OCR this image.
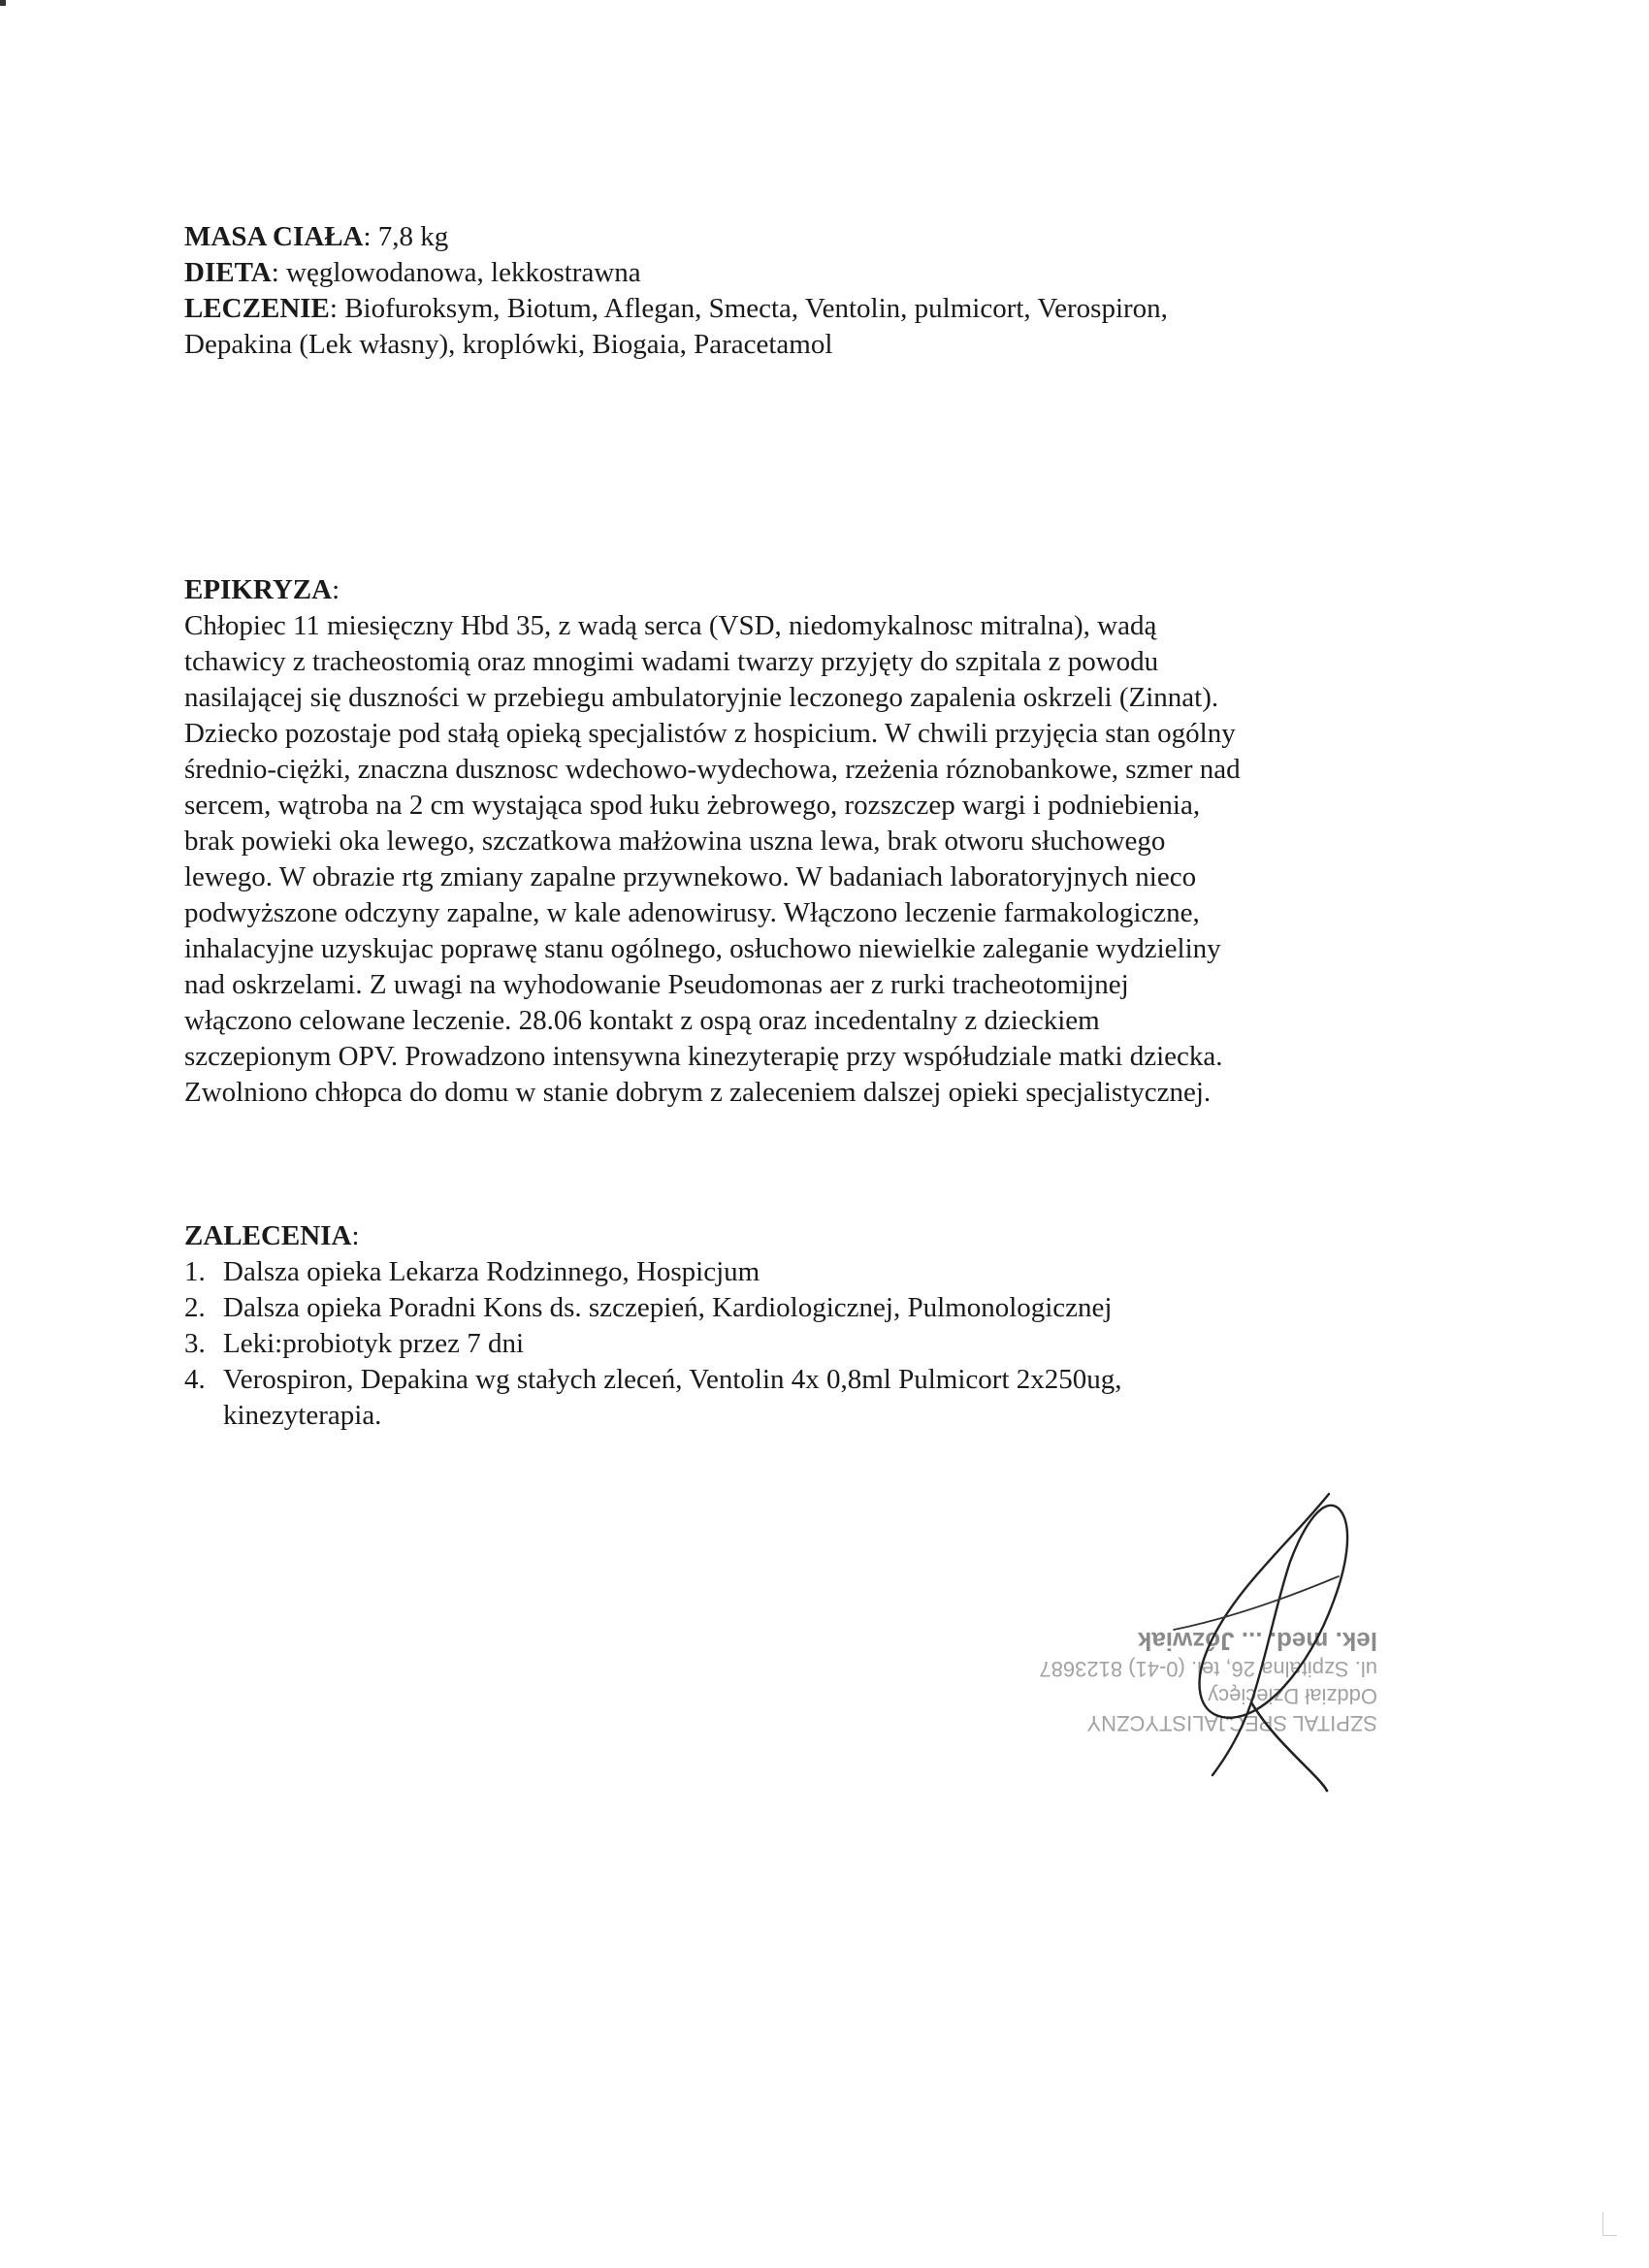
MASA CIAŁA: 7,8 kg
DIETA: węglowodanowa, lekkostrawna
LECZENIE: Biofuroksym, Biotum, Aflegan, Smecta, Ventolin, pulmicort, Verospiron,
Depakina (Lek własny), kroplówki, Biogaia, Paracetamol
EPIKRYZA:
Chłopiec 11 miesięczny Hbd 35, z wadą serca (VSD, niedomykalnosc mitralna), wadą
tchawicy z tracheostomią oraz mnogimi wadami twarzy przyjęty do szpitala z powodu
nasilającej się duszności w przebiegu ambulatoryjnie leczonego zapalenia oskrzeli (Zinnat).
Dziecko pozostaje pod stałą opieką specjalistów z hospicium. W chwili przyjęcia stan ogólny
średnio-ciężki, znaczna dusznosc wdechowo-wydechowa, rzeżenia róznobankowe, szmer nad
sercem, wątroba na 2 cm wystająca spod łuku żebrowego, rozszczep wargi i podniebienia,
brak powieki oka lewego, szczatkowa małżowina uszna lewa, brak otworu słuchowego
lewego. W obrazie rtg zmiany zapalne przywnekowo. W badaniach laboratoryjnych nieco
podwyższone odczyny zapalne, w kale adenowirusy. Włączono leczenie farmakologiczne,
inhalacyjne uzyskujac poprawę stanu ogólnego, osłuchowo niewielkie zaleganie wydzieliny
nad oskrzelami. Z uwagi na wyhodowanie Pseudomonas aer z rurki tracheotomijnej
włączono celowane leczenie. 28.06 kontakt z ospą oraz incedentalny z dzieckiem
szczepionym OPV. Prowadzono intensywna kinezyterapię przy współudziale matki dziecka.
Zwolniono chłopca do domu w stanie dobrym z zaleceniem dalszej opieki specjalistycznej.
ZALECENIA:
1. Dalsza opieka Lekarza Rodzinnego, Hospicjum
2. Dalsza opieka Poradni Kons ds. szczepień, Kardiologicznej, Pulmonologicznej
3. Leki:probiotyk przez 7 dni
4. Verospiron, Depakina wg stałych zleceń, Ventolin 4x 0,8ml Pulmicort 2x250ug,
kinezyterapia.
SZPITAL SPECJALISTYCZNY
Oddział Dziecięcy
ul. Szpitalna 26, tel. (0-41) 8123687
lek. med. ... Józwiak
